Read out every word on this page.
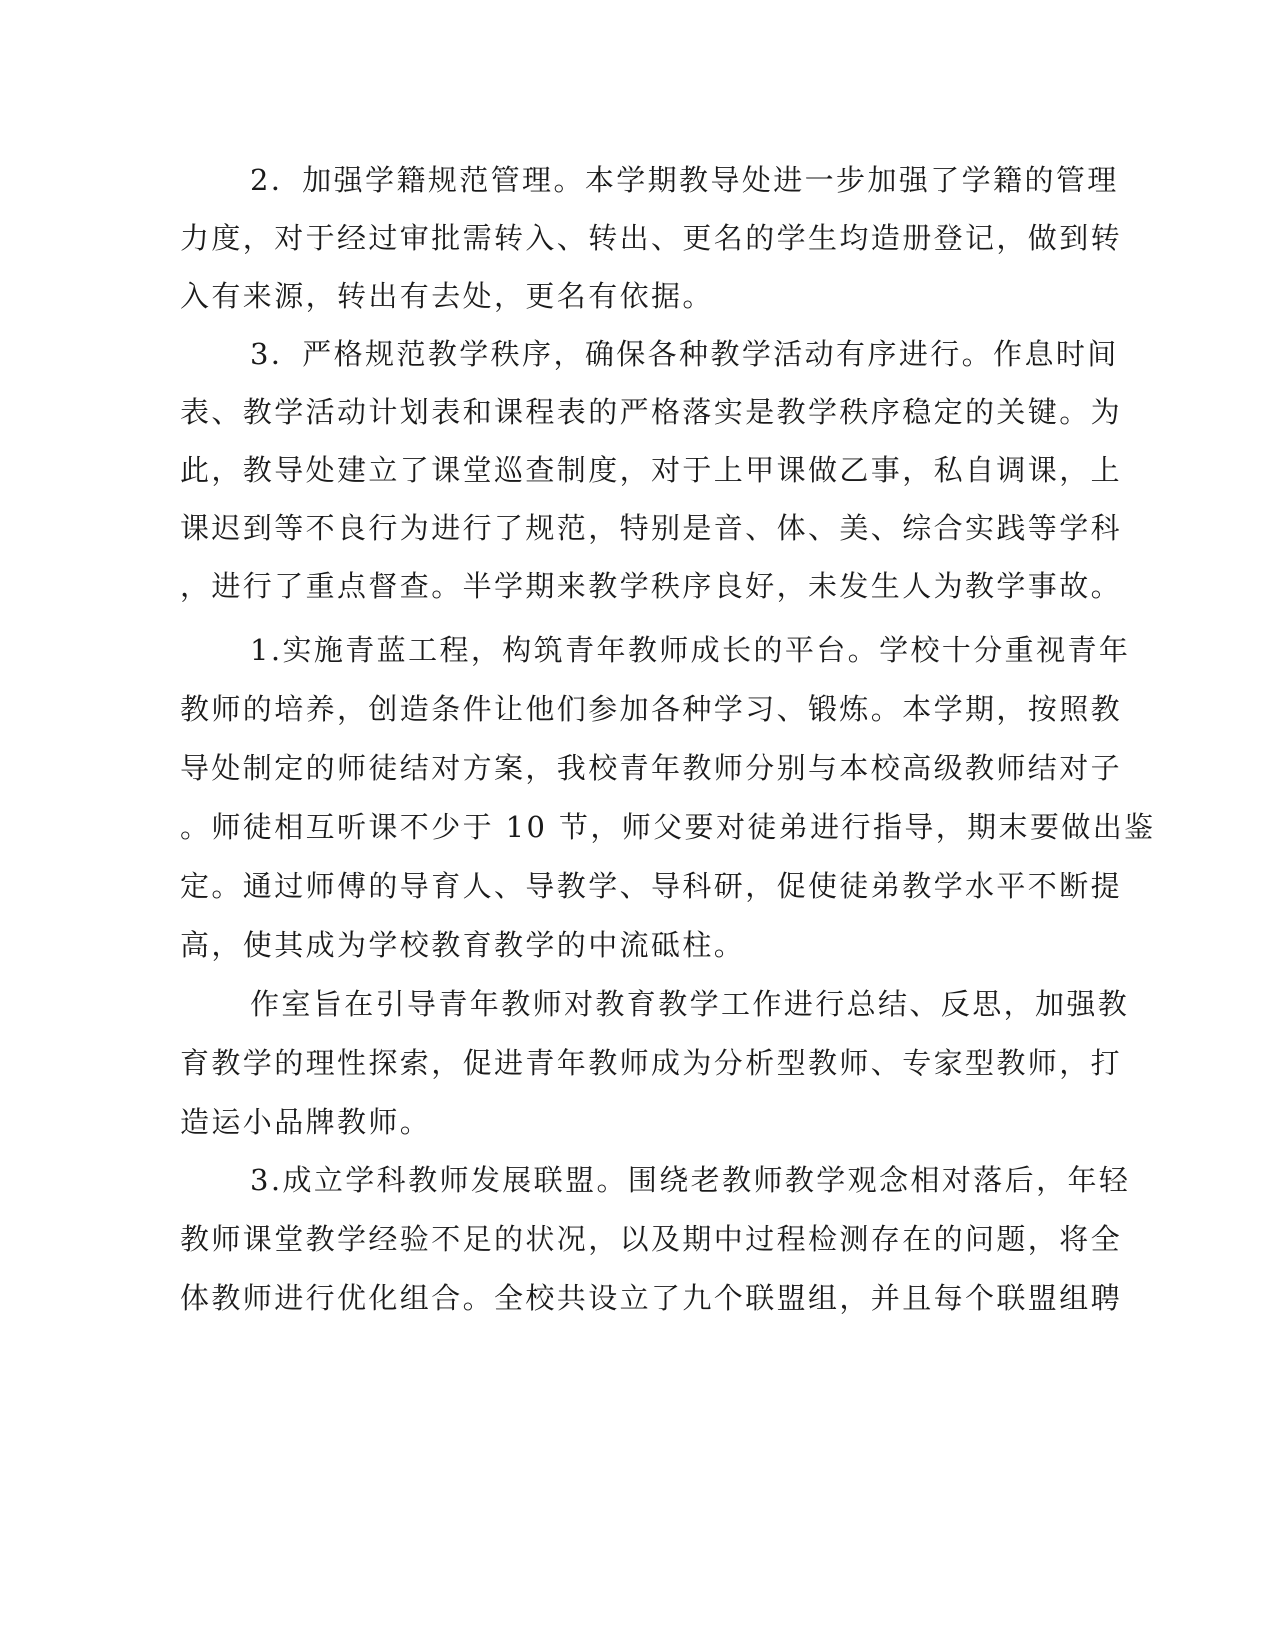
2．加强学籍规范管理。本学期教导处进一步加强了学籍的管理

力度，对于经过审批需转入、转出、更名的学生均造册登记，做到转

入有来源，转出有去处，更名有依据。

3．严格规范教学秩序，确保各种教学活动有序进行。作息时间

表、教学活动计划表和课程表的严格落实是教学秩序稳定的关键。为

此，教导处建立了课堂巡查制度，对于上甲课做乙事，私自调课，上

课迟到等不良行为进行了规范，特别是音、体、美、综合实践等学科

，进行了重点督查。半学期来教学秩序良好，未发生人为教学事故。

1.实施青蓝工程，构筑青年教师成长的平台。学校十分重视青年

教师的培养，创造条件让他们参加各种学习、锻炼。本学期，按照教

导处制定的师徒结对方案，我校青年教师分别与本校高级教师结对子

。师徒相互听课不少于 10 节，师父要对徒弟进行指导，期末要做出鉴

定。通过师傅的导育人、导教学、导科研，促使徒弟教学水平不断提

高，使其成为学校教育教学的中流砥柱。

作室旨在引导青年教师对教育教学工作进行总结、反思，加强教

育教学的理性探索，促进青年教师成为分析型教师、专家型教师，打

造运小品牌教师。

3.成立学科教师发展联盟。围绕老教师教学观念相对落后，年轻

教师课堂教学经验不足的状况，以及期中过程检测存在的问题，将全

体教师进行优化组合。全校共设立了九个联盟组，并且每个联盟组聘
